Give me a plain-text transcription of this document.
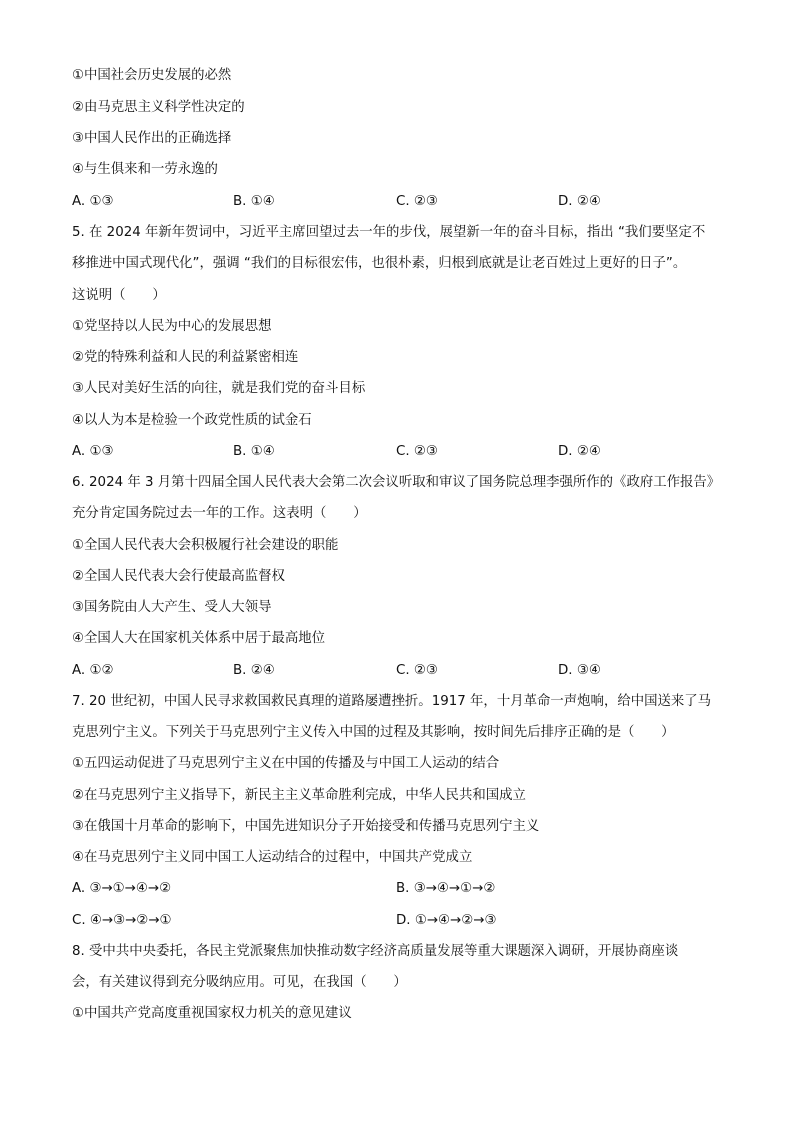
①中国社会历史发展的必然
②由马克思主义科学性决定的
③中国人民作出的正确选择
④与生俱来和一劳永逸的
A. ①③	B. ①④	C. ②③	D. ②④
5. 在 2024 年新年贺词中，习近平主席回望过去一年的步伐，展望新一年的奋斗目标，指出 “我们要坚定不
移推进中国式现代化”，强调 “我们的目标很宏伟，也很朴素，归根到底就是让老百姓过上更好的日子”。
这说明（　　）
①党坚持以人民为中心的发展思想
②党的特殊利益和人民的利益紧密相连
③人民对美好生活的向往，就是我们党的奋斗目标
④以人为本是检验一个政党性质的试金石
A. ①③	B. ①④	C. ②③	D. ②④
6. 2024 年 3 月第十四届全国人民代表大会第二次会议听取和审议了国务院总理李强所作的《政府工作报告》
充分肯定国务院过去一年的工作。这表明（　　）
①全国人民代表大会积极履行社会建设的职能
②全国人民代表大会行使最高监督权
③国务院由人大产生、受人大领导
④全国人大在国家机关体系中居于最高地位
A. ①②	B. ②④	C. ②③	D. ③④
7. 20 世纪初，中国人民寻求救国救民真理的道路屡遭挫折。1917 年，十月革命一声炮响，给中国送来了马
克思列宁主义。下列关于马克思列宁主义传入中国的过程及其影响，按时间先后排序正确的是（　　）
①五四运动促进了马克思列宁主义在中国的传播及与中国工人运动的结合
②在马克思列宁主义指导下，新民主主义革命胜利完成，中华人民共和国成立
③在俄国十月革命的影响下，中国先进知识分子开始接受和传播马克思列宁主义
④在马克思列宁主义同中国工人运动结合的过程中，中国共产党成立
A. ③→①→④→②	B. ③→④→①→②
C. ④→③→②→①	D. ①→④→②→③
8. 受中共中央委托，各民主党派聚焦加快推动数字经济高质量发展等重大课题深入调研，开展协商座谈
会，有关建议得到充分吸纳应用。可见，在我国（　　）
①中国共产党高度重视国家权力机关的意见建议
